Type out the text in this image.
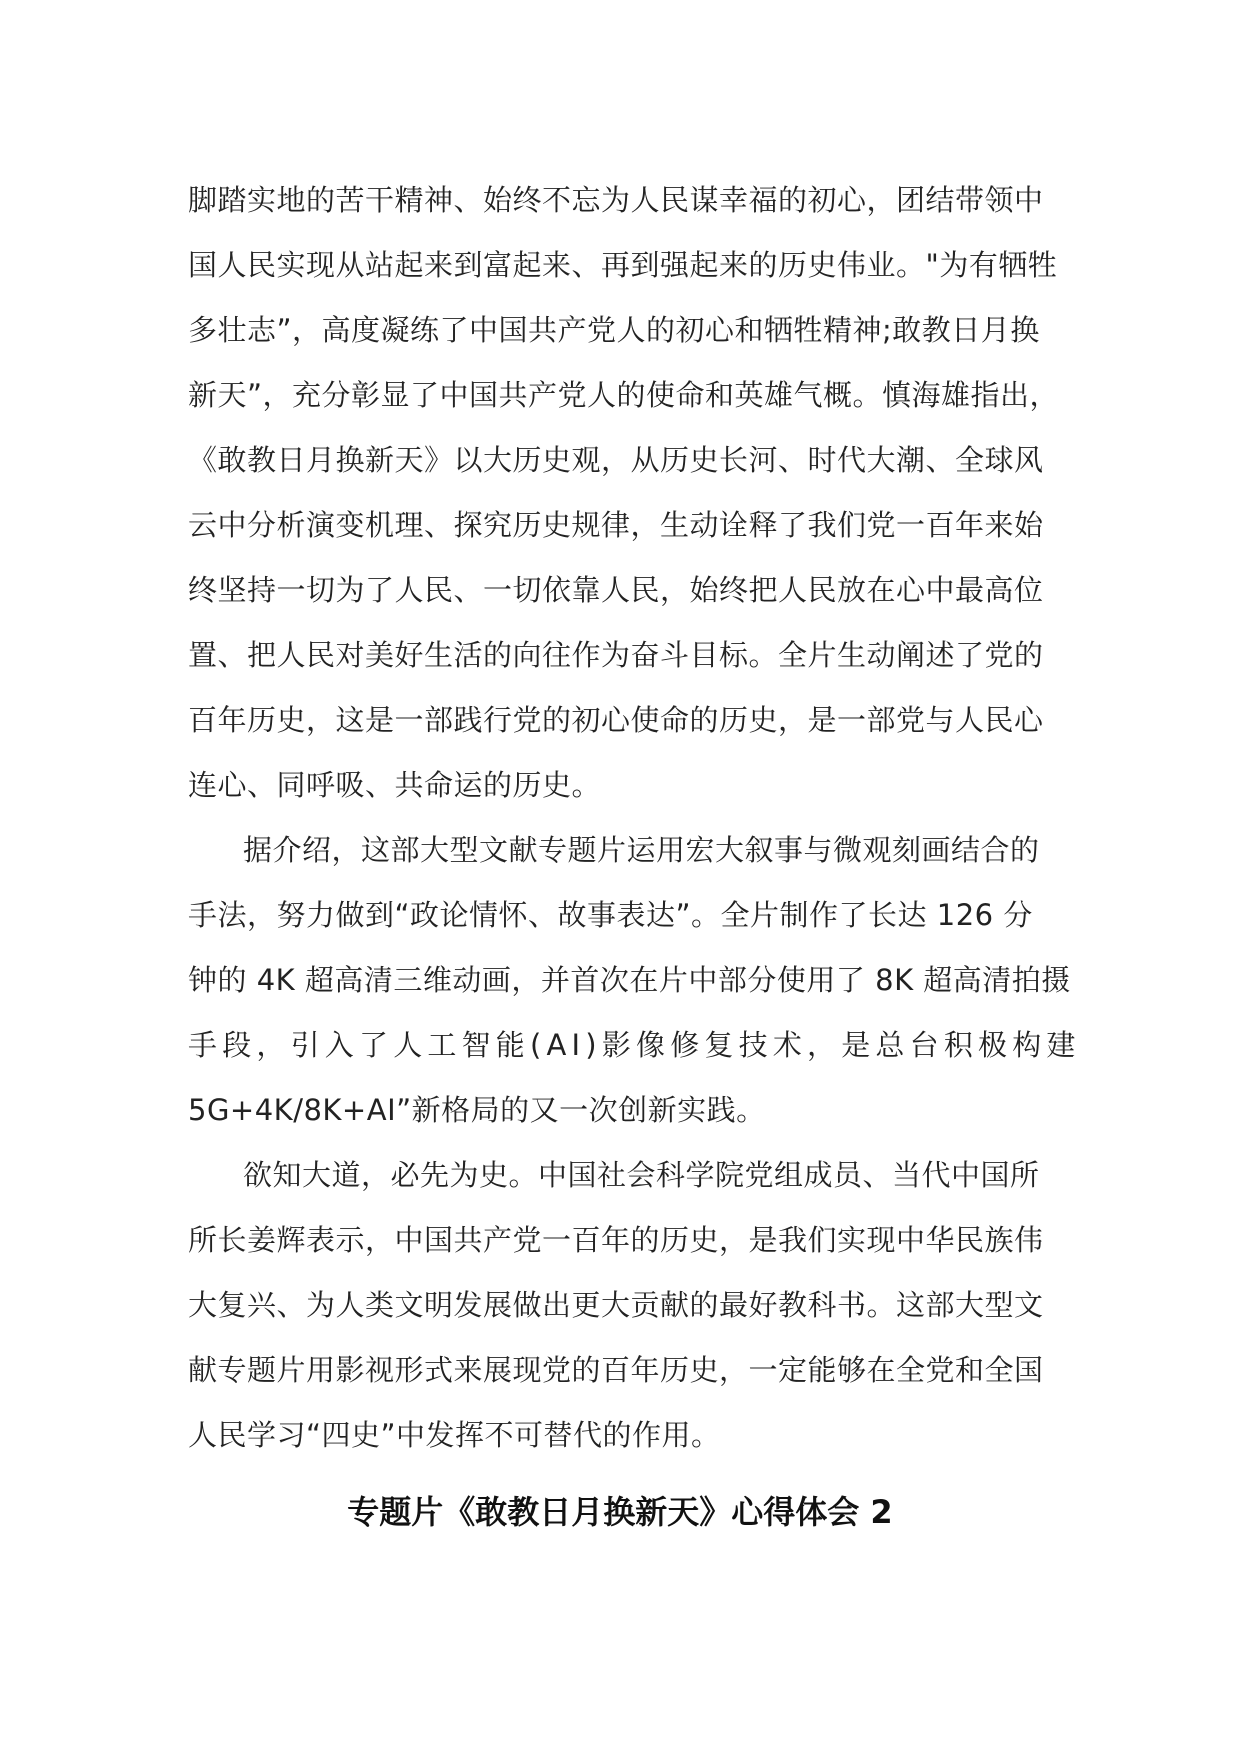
脚踏实地的苦干精神、始终不忘为人民谋幸福的初心，团结带领中
国人民实现从站起来到富起来、再到强起来的历史伟业。"为有牺牲
多壮志”，高度凝练了中国共产党人的初心和牺牲精神;敢教日月换
新天”，充分彰显了中国共产党人的使命和英雄气概。慎海雄指出，
《敢教日月换新天》以大历史观，从历史长河、时代大潮、全球风
云中分析演变机理、探究历史规律，生动诠释了我们党一百年来始
终坚持一切为了人民、一切依靠人民，始终把人民放在心中最高位
置、把人民对美好生活的向往作为奋斗目标。全片生动阐述了党的
百年历史，这是一部践行党的初心使命的历史，是一部党与人民心
连心、同呼吸、共命运的历史。
据介绍，这部大型文献专题片运用宏大叙事与微观刻画结合的
手法，努力做到“政论情怀、故事表达”。全片制作了长达 126 分
钟的 4K 超高清三维动画，并首次在片中部分使用了 8K 超高清拍摄
手段，引入了人工智能(AI)影像修复技术，是总台积极构建
5G+4K/8K+AI”新格局的又一次创新实践。
欲知大道，必先为史。中国社会科学院党组成员、当代中国所
所长姜辉表示，中国共产党一百年的历史，是我们实现中华民族伟
大复兴、为人类文明发展做出更大贡献的最好教科书。这部大型文
献专题片用影视形式来展现党的百年历史，一定能够在全党和全国
人民学习“四史”中发挥不可替代的作用。
专题片《敢教日月换新天》心得体会 2
